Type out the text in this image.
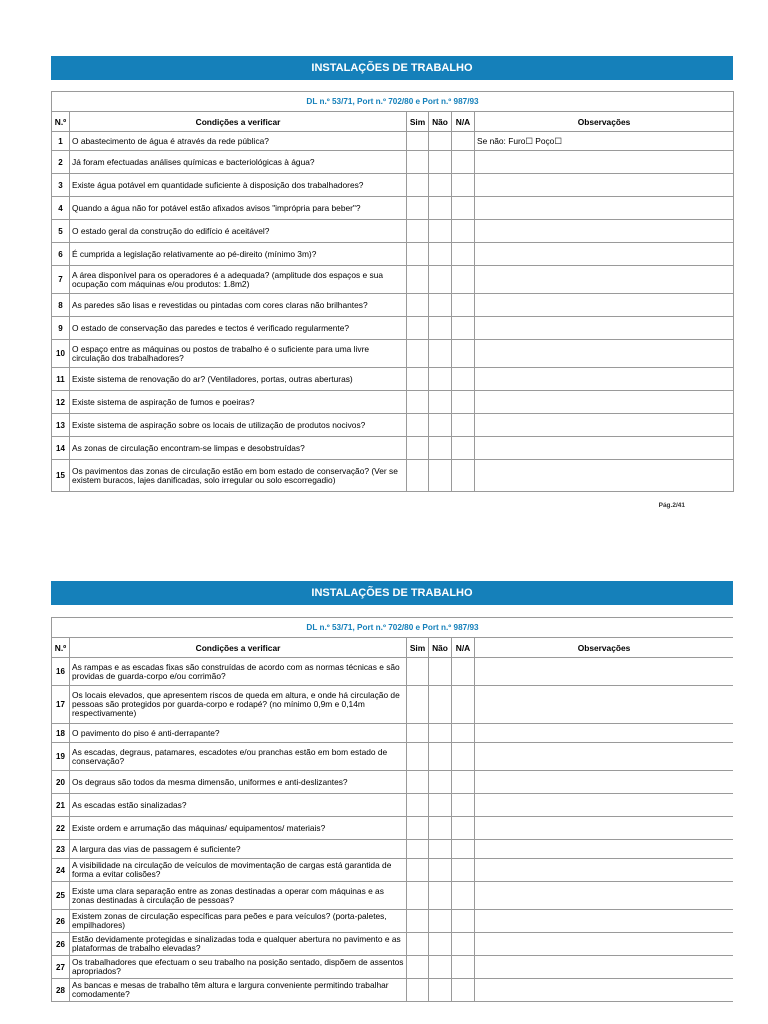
INSTALAÇÕES DE TRABALHO
DL n.º 53/71, Port n.º 702/80 e Port n.º 987/93					
N.º	Condições a verificar	Sim	Não	N/A	Observações
1	O abastecimento de água é através da rede pública?				Se não: Furo☐ Poço☐
2	Já foram efectuadas análises químicas e bacteriológicas à água?				
3	Existe água potável em quantidade suficiente à disposição dos trabalhadores?				
4	Quando a água não for potável estão afixados avisos "imprópria para beber"?				
5	O estado geral da construção do edifício é aceitável?				
6	É cumprida a legislação relativamente ao pé-direito (mínimo 3m)?				
7	A área disponível para os operadores é a adequada? (amplitude dos espaços e sua ocupação com máquinas e/ou produtos: 1.8m2)				
8	As paredes são lisas e revestidas ou pintadas com cores claras não brilhantes?				
9	O estado de conservação das paredes e tectos é verificado regularmente?				
10	O espaço entre as máquinas ou postos de trabalho é o suficiente para uma livre circulação dos trabalhadores?				
11	Existe sistema de renovação do ar? (Ventiladores, portas, outras aberturas)				
12	Existe sistema de aspiração de fumos e poeiras?				
13	Existe sistema de aspiração sobre os locais de utilização de produtos nocivos?				
14	As zonas de circulação encontram-se limpas e desobstruídas?				
15	Os pavimentos das zonas de circulação estão em bom estado de conservação? (Ver se existem buracos, lajes danificadas, solo irregular ou solo escorregadio)				
Pág.2/41
INSTALAÇÕES DE TRABALHO
DL n.º 53/71, Port n.º 702/80 e Port n.º 987/93					
N.º	Condições a verificar	Sim	Não	N/A	Observações
16	As rampas e as escadas fixas são construídas de acordo com as normas técnicas e são providas de guarda-corpo e/ou corrimão?				
17	Os locais elevados, que apresentem riscos de queda em altura, e onde há circulação de pessoas são protegidos por guarda-corpo e rodapé? (no mínimo 0,9m e 0,14m respectivamente)				
18	O pavimento do piso é anti-derrapante?				
19	As escadas, degraus, patamares, escadotes e/ou pranchas estão em bom estado de conservação?				
20	Os degraus são todos da mesma dimensão, uniformes e anti-deslizantes?				
21	As escadas estão sinalizadas?				
22	Existe ordem e arrumação das máquinas/ equipamentos/ materiais?				
23	A largura das vias de passagem é suficiente?				
24	A visibilidade na circulação de veículos de movimentação de cargas está garantida de forma a evitar colisões?				
25	Existe uma clara separação entre as zonas destinadas a operar com máquinas e as zonas destinadas à circulação de pessoas?				
26	Existem zonas de circulação específicas para peões e para veículos? (porta-paletes, empilhadores)				
26	Estão devidamente protegidas e sinalizadas toda e qualquer abertura no pavimento e as plataformas de trabalho elevadas?				
27	Os trabalhadores que efectuam o seu trabalho na posição sentado, dispõem de assentos apropriados?				
28	As bancas e mesas de trabalho têm altura e largura conveniente permitindo trabalhar comodamente?				
